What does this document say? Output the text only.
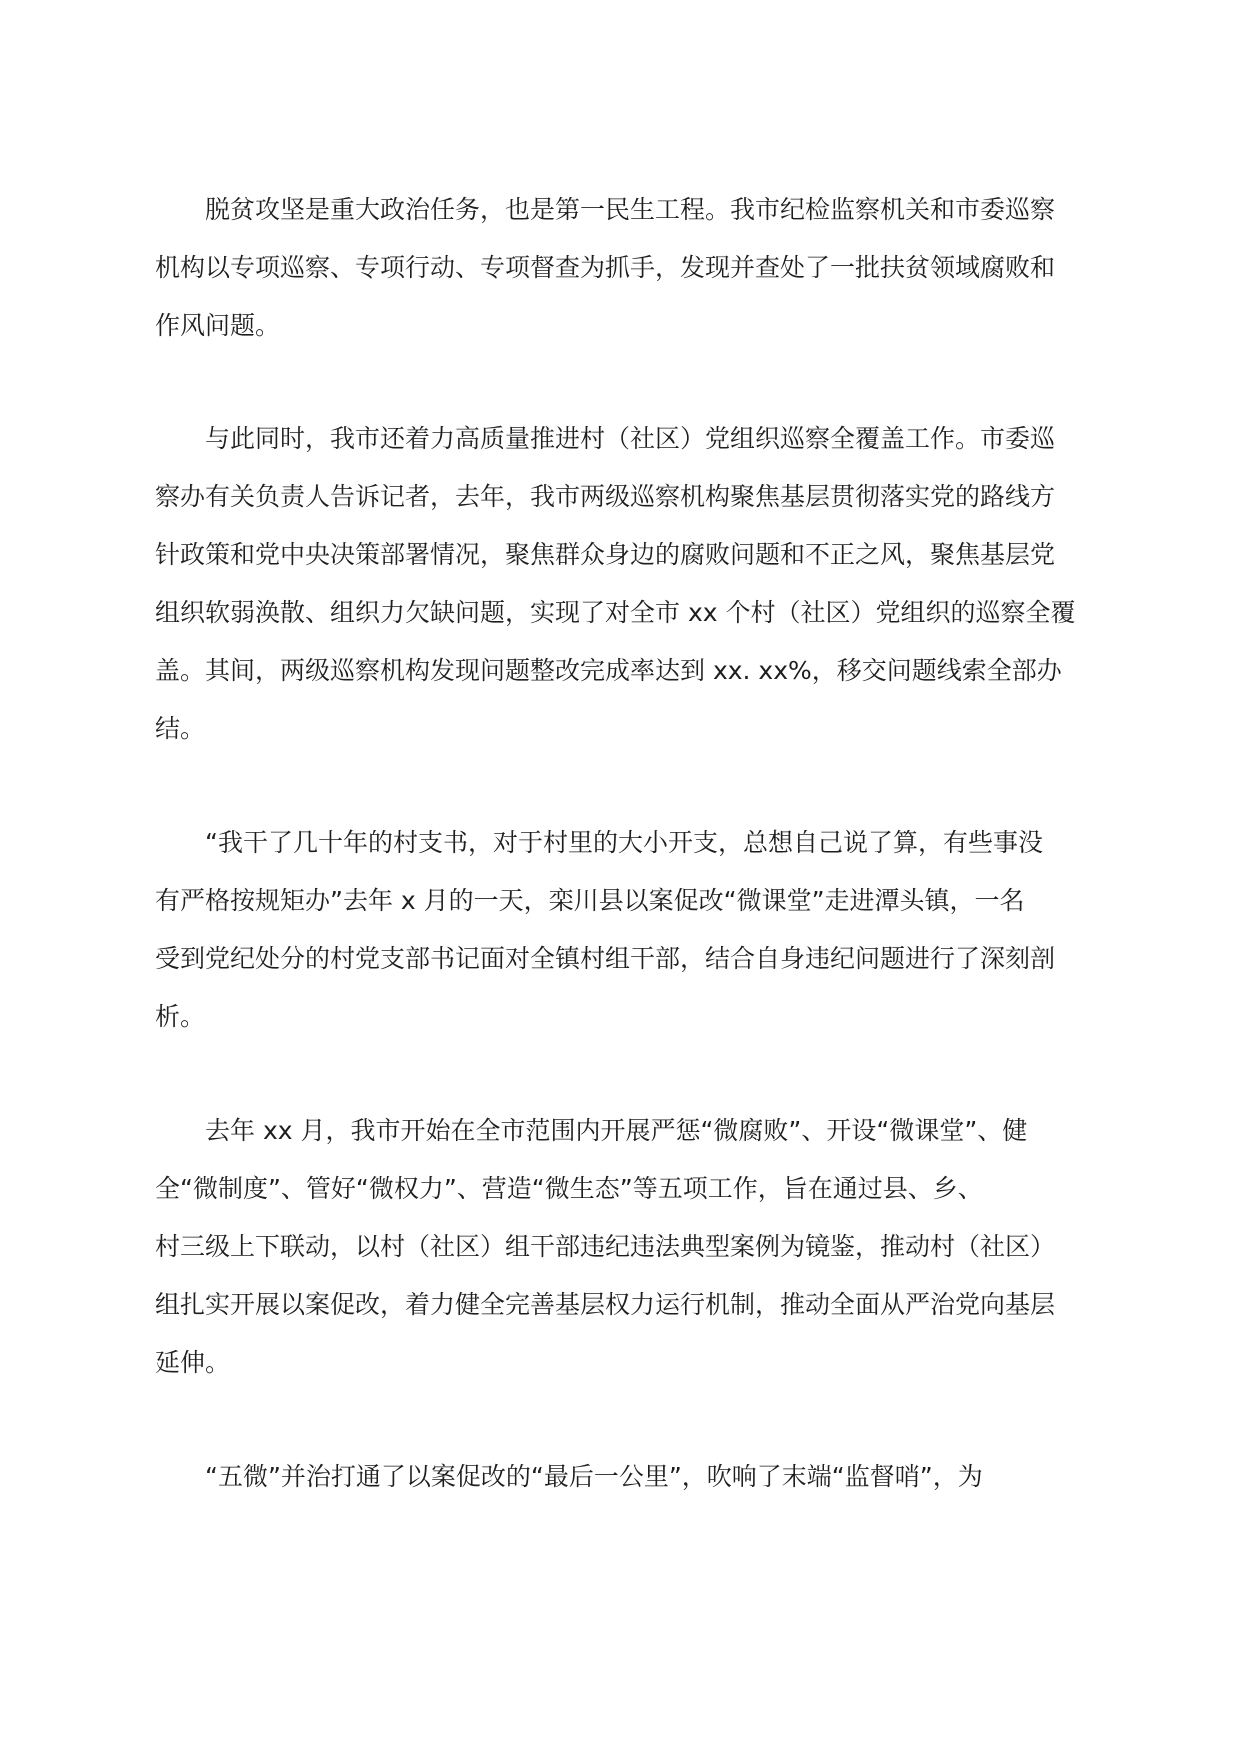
　　脱贫攻坚是重大政治任务，也是第一民生工程。我市纪检监察机关和市委巡察

机构以专项巡察、专项行动、专项督查为抓手，发现并查处了一批扶贫领域腐败和

作风问题。

　　与此同时，我市还着力高质量推进村（社区）党组织巡察全覆盖工作。市委巡

察办有关负责人告诉记者，去年，我市两级巡察机构聚焦基层贯彻落实党的路线方

针政策和党中央决策部署情况，聚焦群众身边的腐败问题和不正之风，聚焦基层党

组织软弱涣散、组织力欠缺问题，实现了对全市 xx 个村（社区）党组织的巡察全覆

盖。其间，两级巡察机构发现问题整改完成率达到 xx. xx%，移交问题线索全部办

结。

　　“我干了几十年的村支书，对于村里的大小开支，总想自己说了算，有些事没

有严格按规矩办”去年 x 月的一天，栾川县以案促改“微课堂”走进潭头镇，一名

受到党纪处分的村党支部书记面对全镇村组干部，结合自身违纪问题进行了深刻剖

析。

　　去年 xx 月，我市开始在全市范围内开展严惩“微腐败”、开设“微课堂”、健

全“微制度”、管好“微权力”、营造“微生态”等五项工作，旨在通过县、乡、

村三级上下联动，以村（社区）组干部违纪违法典型案例为镜鉴，推动村（社区）

组扎实开展以案促改，着力健全完善基层权力运行机制，推动全面从严治党向基层

延伸。

　　“五微”并治打通了以案促改的“最后一公里”，吹响了末端“监督哨”，为
